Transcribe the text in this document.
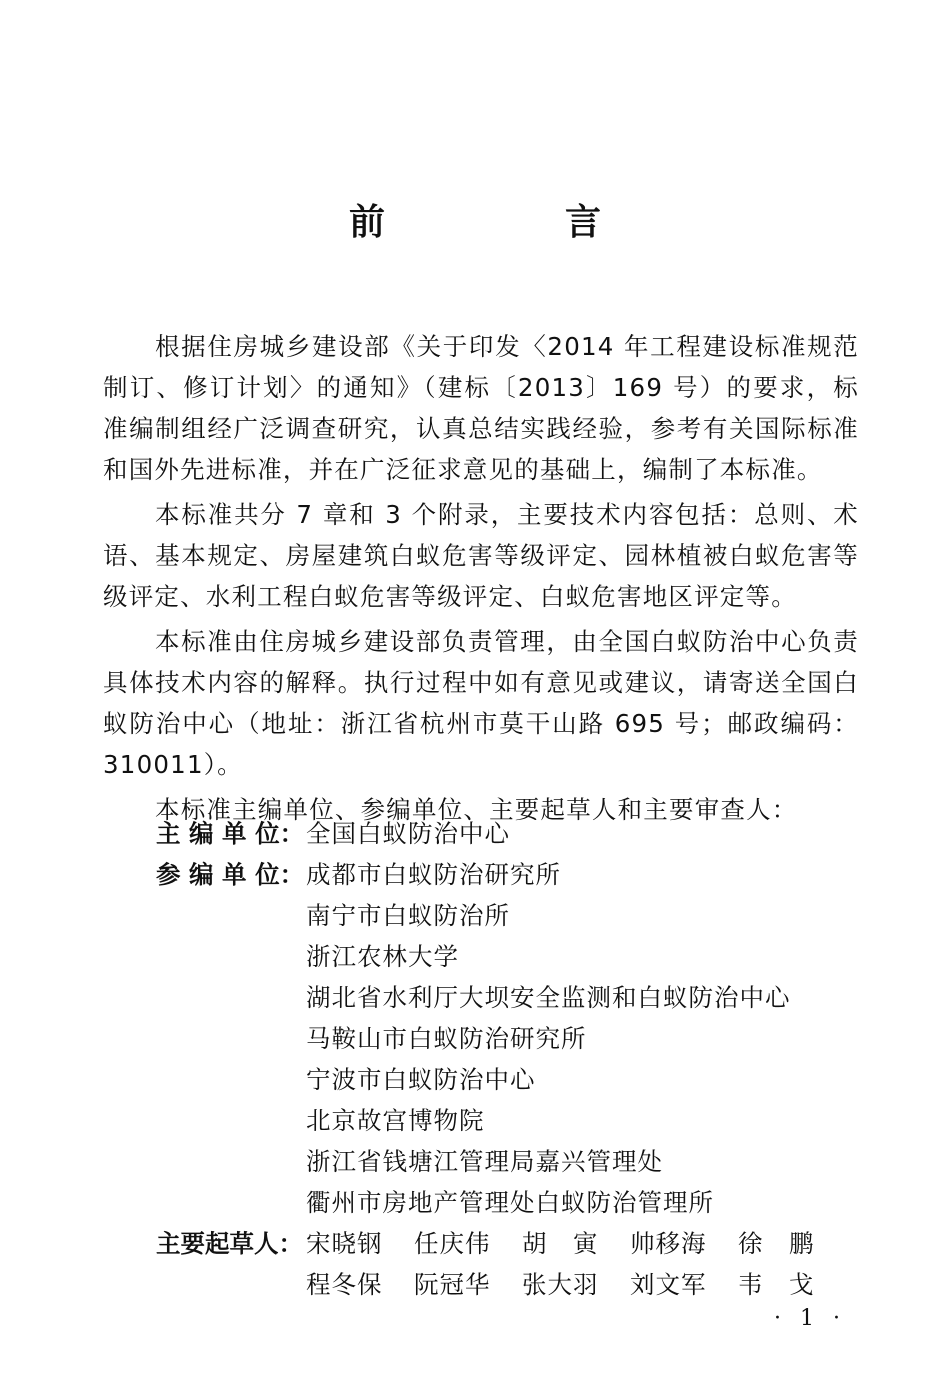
前　言

根据住房城乡建设部《关于印发〈2014 年工程建设标准规范制订、修订计划〉的通知》（建标〔2013〕169 号）的要求，标准编制组经广泛调查研究，认真总结实践经验，参考有关国际标准和国外先进标准，并在广泛征求意见的基础上，编制了本标准。

本标准共分 7 章和 3 个附录，主要技术内容包括：总则、术语、基本规定、房屋建筑白蚁危害等级评定、园林植被白蚁危害等级评定、水利工程白蚁危害等级评定、白蚁危害地区评定等。

本标准由住房城乡建设部负责管理，由全国白蚁防治中心负责具体技术内容的解释。执行过程中如有意见或建议，请寄送全国白蚁防治中心（地址：浙江省杭州市莫干山路 695 号；邮政编码：310011）。

本标准主编单位、参编单位、主要起草人和主要审查人：

主 编 单 位： 全国白蚁防治中心
参 编 单 位： 成都市白蚁防治研究所
南宁市白蚁防治所
浙江农林大学
湖北省水利厅大坝安全监测和白蚁防治中心
马鞍山市白蚁防治研究所
宁波市白蚁防治中心
北京故宫博物院
浙江省钱塘江管理局嘉兴管理处
衢州市房地产管理处白蚁防治管理所
主要起草人： 宋晓钢	任庆伟	胡　寅	帅移海	徐　鹏
程冬保	阮冠华	张大羽	刘文军	韦　戈
· 1 ·
